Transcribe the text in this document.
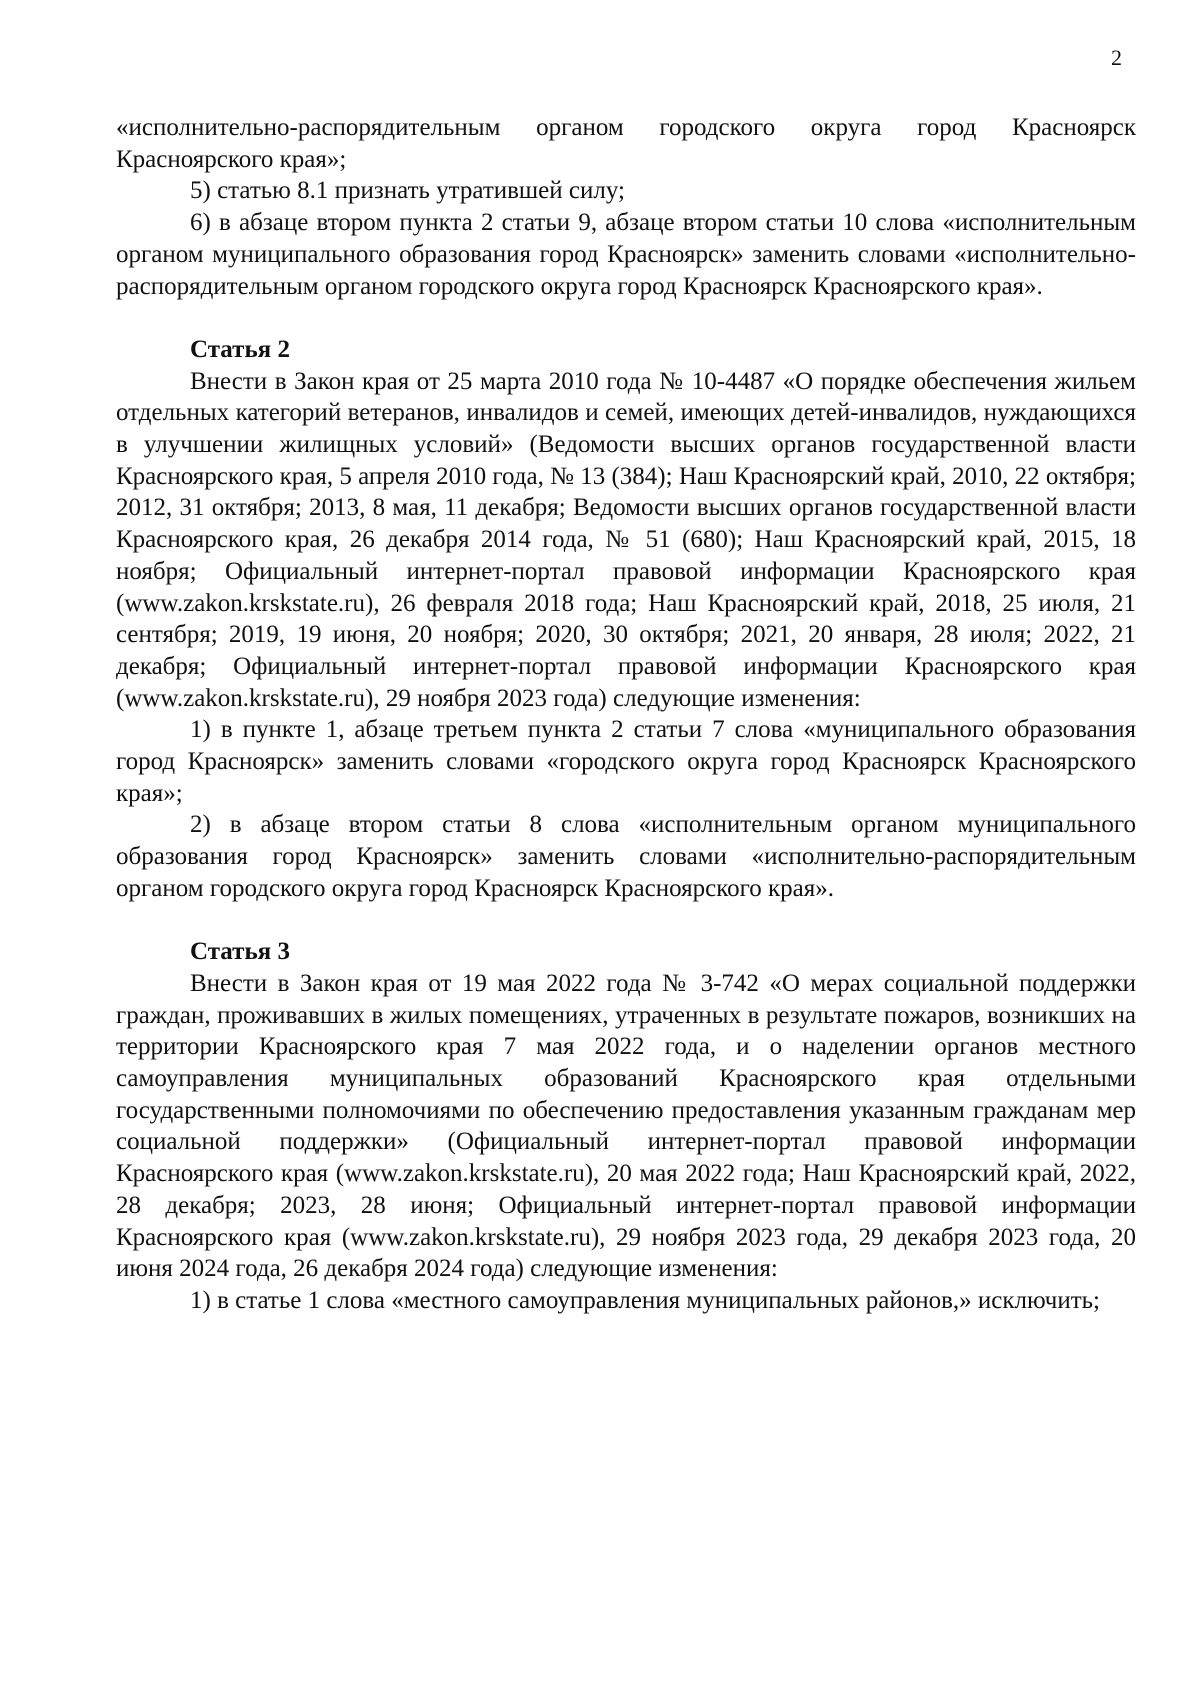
2

«исполнительно-распорядительным органом городского округа город Красноярск Красноярского края»;

5) статью 8.1 признать утратившей силу;

6) в абзаце втором пункта 2 статьи 9, абзаце втором статьи 10 слова «исполнительным органом муниципального образования город Красноярск» заменить словами «исполнительно-распорядительным органом городского округа город Красноярск Красноярского края».

Статья 2

Внести в Закон края от 25 марта 2010 года № 10-4487 «О порядке обеспечения жильем отдельных категорий ветеранов, инвалидов и семей, имеющих детей-инвалидов, нуждающихся в улучшении жилищных условий» (Ведомости высших органов государственной власти Красноярского края, 5 апреля 2010 года, № 13 (384); Наш Красноярский край, 2010, 22 октября; 2012, 31 октября; 2013, 8 мая, 11 декабря; Ведомости высших органов государственной власти Красноярского края, 26 декабря 2014 года, № 51 (680); Наш Красноярский край, 2015, 18 ноября; Официальный интернет-портал правовой информации Красноярского края (www.zakon.krskstate.ru), 26 февраля 2018 года; Наш Красноярский край, 2018, 25 июля, 21 сентября; 2019, 19 июня, 20 ноября; 2020, 30 октября; 2021, 20 января, 28 июля; 2022, 21 декабря; Официальный интернет-портал правовой информации Красноярского края (www.zakon.krskstate.ru), 29 ноября 2023 года) следующие изменения:

1) в пункте 1, абзаце третьем пункта 2 статьи 7 слова «муниципального образования город Красноярск» заменить словами «городского округа город Красноярск Красноярского края»;

2) в абзаце втором статьи 8 слова «исполнительным органом муниципального образования город Красноярск» заменить словами «исполнительно-распорядительным органом городского округа город Красноярск Красноярского края».

Статья 3

Внести в Закон края от 19 мая 2022 года № 3-742 «О мерах социальной поддержки граждан, проживавших в жилых помещениях, утраченных в результате пожаров, возникших на территории Красноярского края 7 мая 2022 года, и о наделении органов местного самоуправления муниципальных образований Красноярского края отдельными государственными полномочиями по обеспечению предоставления указанным гражданам мер социальной поддержки» (Официальный интернет-портал правовой информации Красноярского края (www.zakon.krskstate.ru), 20 мая 2022 года; Наш Красноярский край, 2022, 28 декабря; 2023, 28 июня; Официальный интернет-портал правовой информации Красноярского края (www.zakon.krskstate.ru), 29 ноября 2023 года, 29 декабря 2023 года, 20 июня 2024 года, 26 декабря 2024 года) следующие изменения:

1) в статье 1 слова «местного самоуправления муниципальных районов,» исключить;
